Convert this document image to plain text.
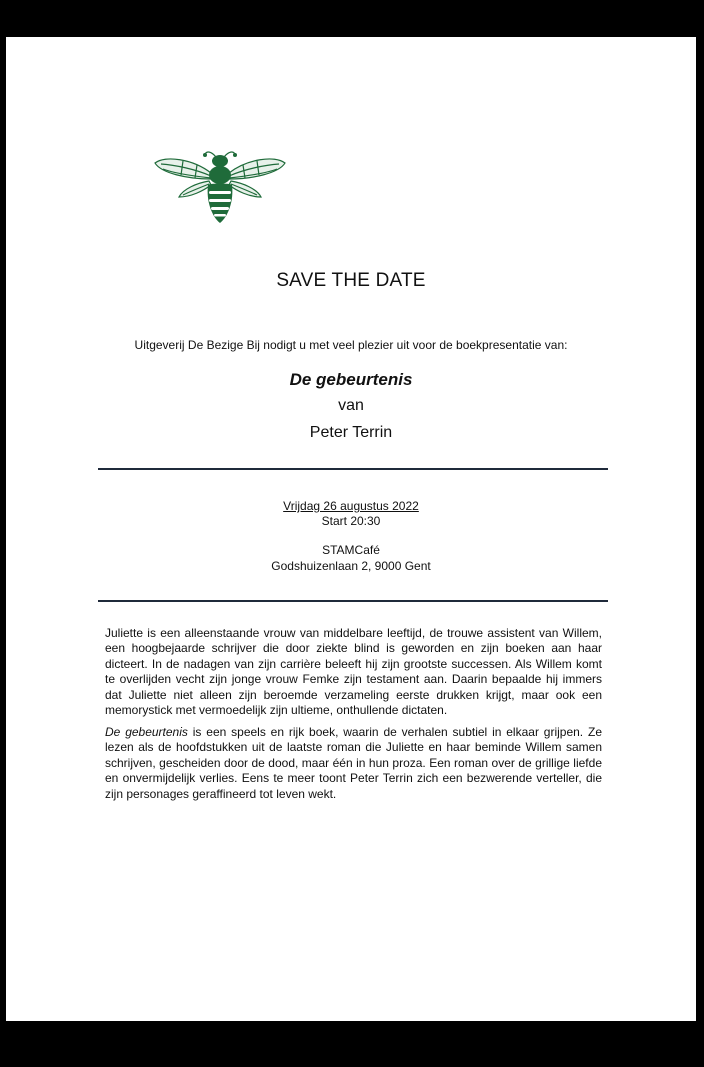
SAVE THE DATE
Uitgeverij De Bezige Bij nodigt u met veel plezier uit voor de boekpresentatie van:
De gebeurtenis
van
Peter Terrin
Vrijdag 26 augustus 2022
Start 20:30
STAMCafé
Godshuizenlaan 2, 9000 Gent

Juliette is een alleenstaande vrouw van middelbare leeftijd, de trouwe assistent van Willem, een hoogbejaarde schrijver die door ziekte blind is geworden en zijn boeken aan haar dicteert. In de nadagen van zijn carrière beleeft hij zijn grootste successen. Als Willem komt te overlijden vecht zijn jonge vrouw Femke zijn testament aan. Daarin bepaalde hij immers dat Juliette niet alleen zijn beroemde verzameling eerste drukken krijgt, maar ook een memorystick met vermoedelijk zijn ultieme, onthullende dictaten.

De gebeurtenis is een speels en rijk boek, waarin de verhalen subtiel in elkaar grijpen. Ze lezen als de hoofdstukken uit de laatste roman die Juliette en haar beminde Willem samen schrijven, gescheiden door de dood, maar één in hun proza. Een roman over de grillige liefde en onvermijdelijk verlies. Eens te meer toont Peter Terrin zich een bezwerende verteller, die zijn personages geraffineerd tot leven wekt.
